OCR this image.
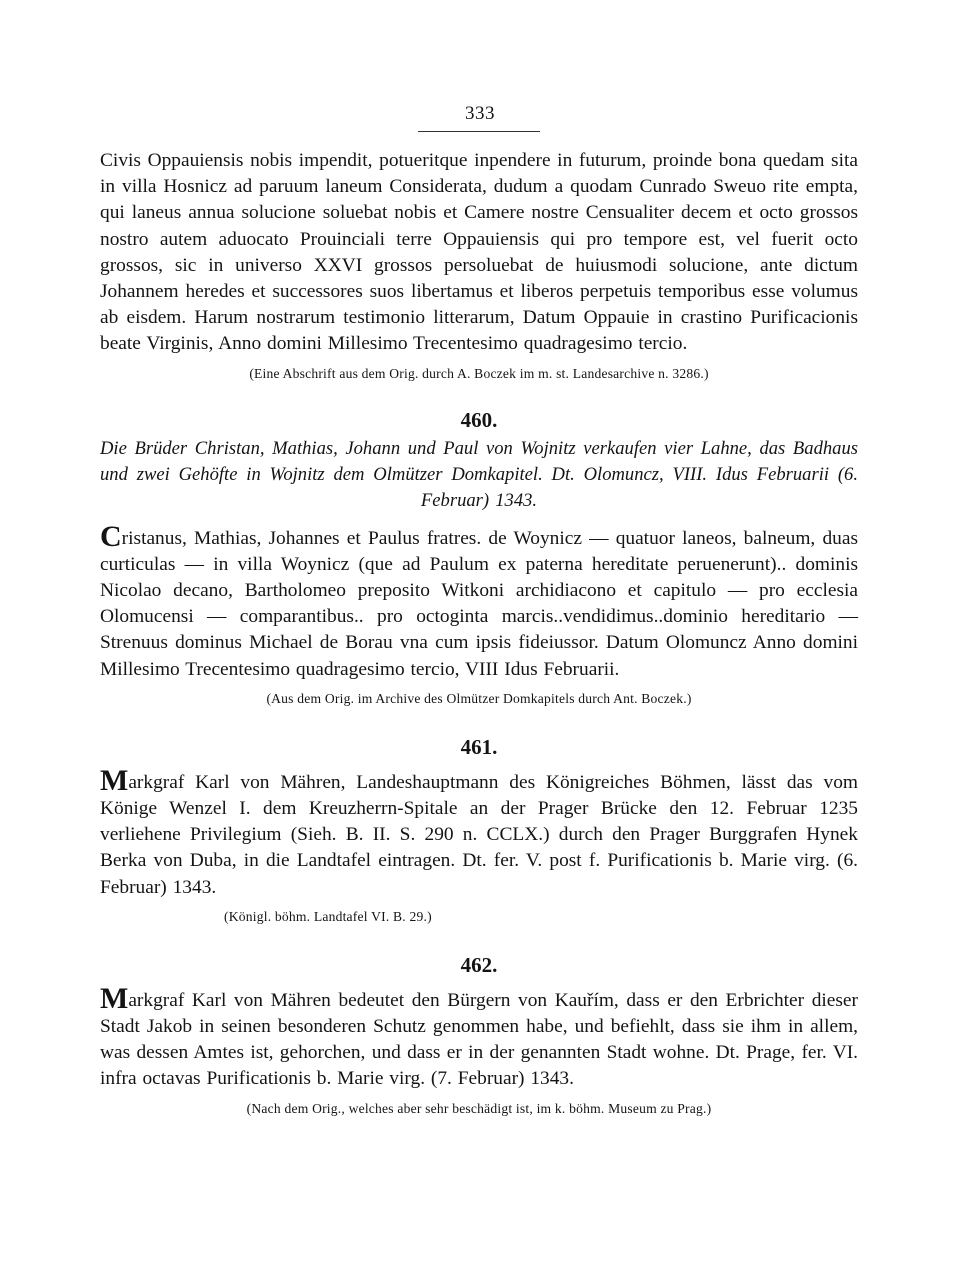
333

Civis Oppauiensis nobis impendit, potueritque inpendere in futurum, proinde bona quedam sita in villa Hosnicz ad paruum laneum Considerata, dudum a quodam Cunrado Sweuo rite empta, qui laneus annua solucione soluebat nobis et Camere nostre Censualiter decem et octo grossos nostro autem aduocato Prouinciali terre Oppauiensis qui pro tempore est, vel fuerit octo grossos, sic in universo XXVI grossos persoluebat de huiusmodi solucione, ante dictum Johannem heredes et successores suos libertamus et liberos perpetuis temporibus esse volumus ab eisdem. Harum nostrarum testimonio litterarum, Datum Oppauie in crastino Purificacionis beate Virginis, Anno domini Millesimo Trecentesimo quadragesimo tercio.

(Eine Abschrift aus dem Orig. durch A. Boczek im m. st. Landesarchive n. 3286.)

460.

Die Brüder Christan, Mathias, Johann und Paul von Wojnitz verkaufen vier Lahne, das Badhaus und zwei Gehöfte in Wojnitz dem Olmützer Domkapitel. Dt. Olomuncz, VIII. Idus Februarii (6. Februar) 1343.

Cristanus, Mathias, Johannes et Paulus fratres. de Woynicz — quatuor laneos, balneum, duas curticulas — in villa Woynicz (que ad Paulum ex paterna hereditate peruenerunt).. dominis Nicolao decano, Bartholomeo preposito Witkoni archidiacono et capitulo — pro ecclesia Olomucensi — comparantibus.. pro octoginta marcis..vendidimus..dominio hereditario — Strenuus dominus Michael de Borau vna cum ipsis fideiussor. Datum Olomuncz Anno domini Millesimo Trecentesimo quadragesimo tercio, VIII Idus Februarii.

(Aus dem Orig. im Archive des Olmützer Domkapitels durch Ant. Boczek.)

461.

Markgraf Karl von Mähren, Landeshauptmann des Königreiches Böhmen, lässt das vom Könige Wenzel I. dem Kreuzherrn-Spitale an der Prager Brücke den 12. Februar 1235 verliehene Privilegium (Sieh. B. II. S. 290 n. CCLX.) durch den Prager Burggrafen Hynek Berka von Duba, in die Landtafel eintragen. Dt. fer. V. post f. Purificationis b. Marie virg. (6. Februar) 1343.

(Königl. böhm. Landtafel VI. B. 29.)

462.

Markgraf Karl von Mähren bedeutet den Bürgern von Kauřím, dass er den Erbrichter dieser Stadt Jakob in seinen besonderen Schutz genommen habe, und befiehlt, dass sie ihm in allem, was dessen Amtes ist, gehorchen, und dass er in der genannten Stadt wohne. Dt. Prage, fer. VI. infra octavas Purificationis b. Marie virg. (7. Februar) 1343.

(Nach dem Orig., welches aber sehr beschädigt ist, im k. böhm. Museum zu Prag.)
